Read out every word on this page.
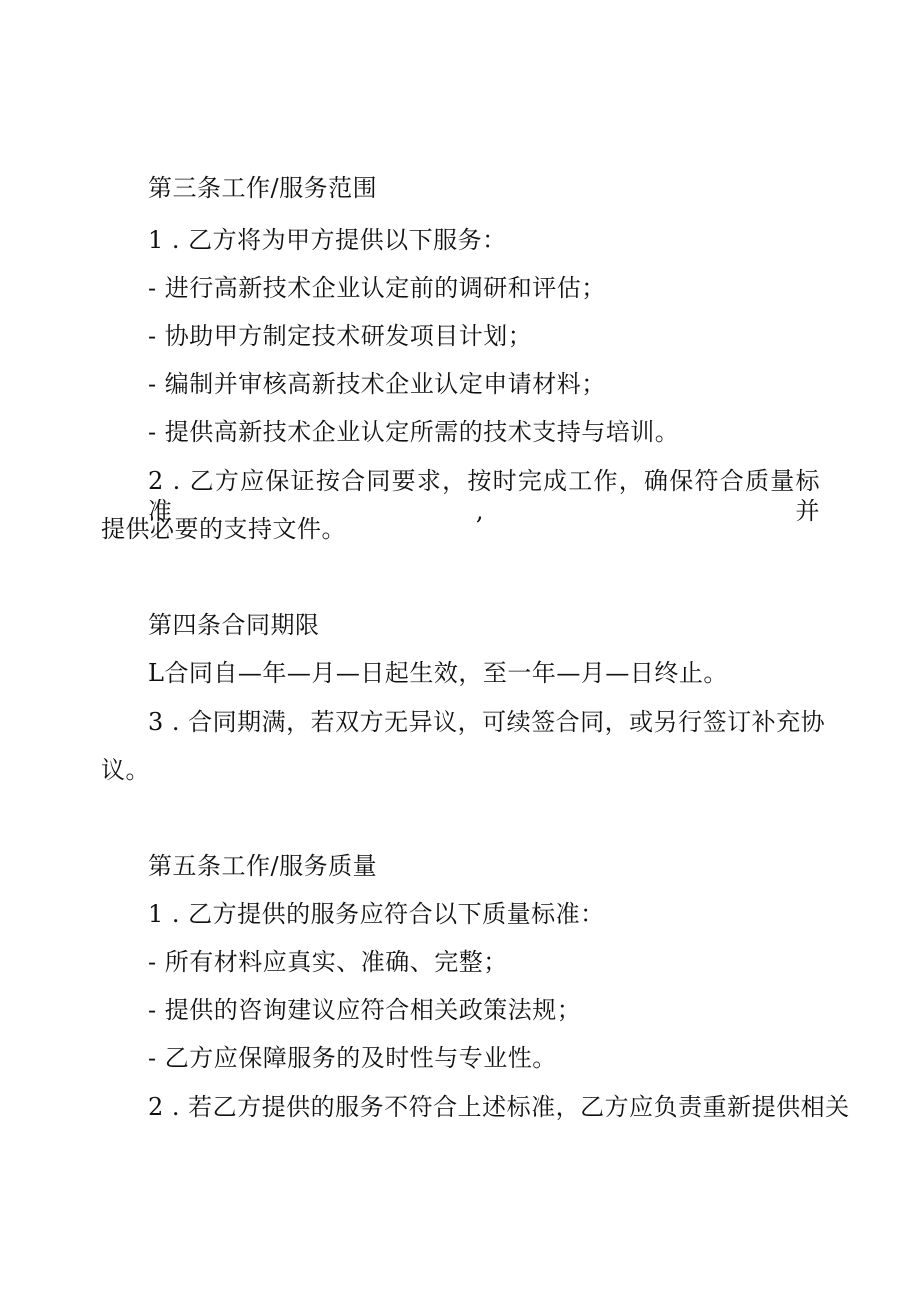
第三条工作/服务范围
1 . 乙方将为甲方提供以下服务：
- 进行高新技术企业认定前的调研和评估；
- 协助甲方制定技术研发项目计划；
- 编制并审核高新技术企业认定申请材料；
- 提供高新技术企业认定所需的技术支持与培训。
2 . 乙方应保证按合同要求，按时完成工作，确保符合质量标准, 并
提供必要的支持文件。
第四条合同期限
L合同自—年—月—日起生效，至一年—月—日终止。
3 . 合同期满，若双方无异议，可续签合同，或另行签订补充协
议。
第五条工作/服务质量
1 . 乙方提供的服务应符合以下质量标准：
- 所有材料应真实、准确、完整；
- 提供的咨询建议应符合相关政策法规；
- 乙方应保障服务的及时性与专业性。
2 . 若乙方提供的服务不符合上述标准，乙方应负责重新提供相关
